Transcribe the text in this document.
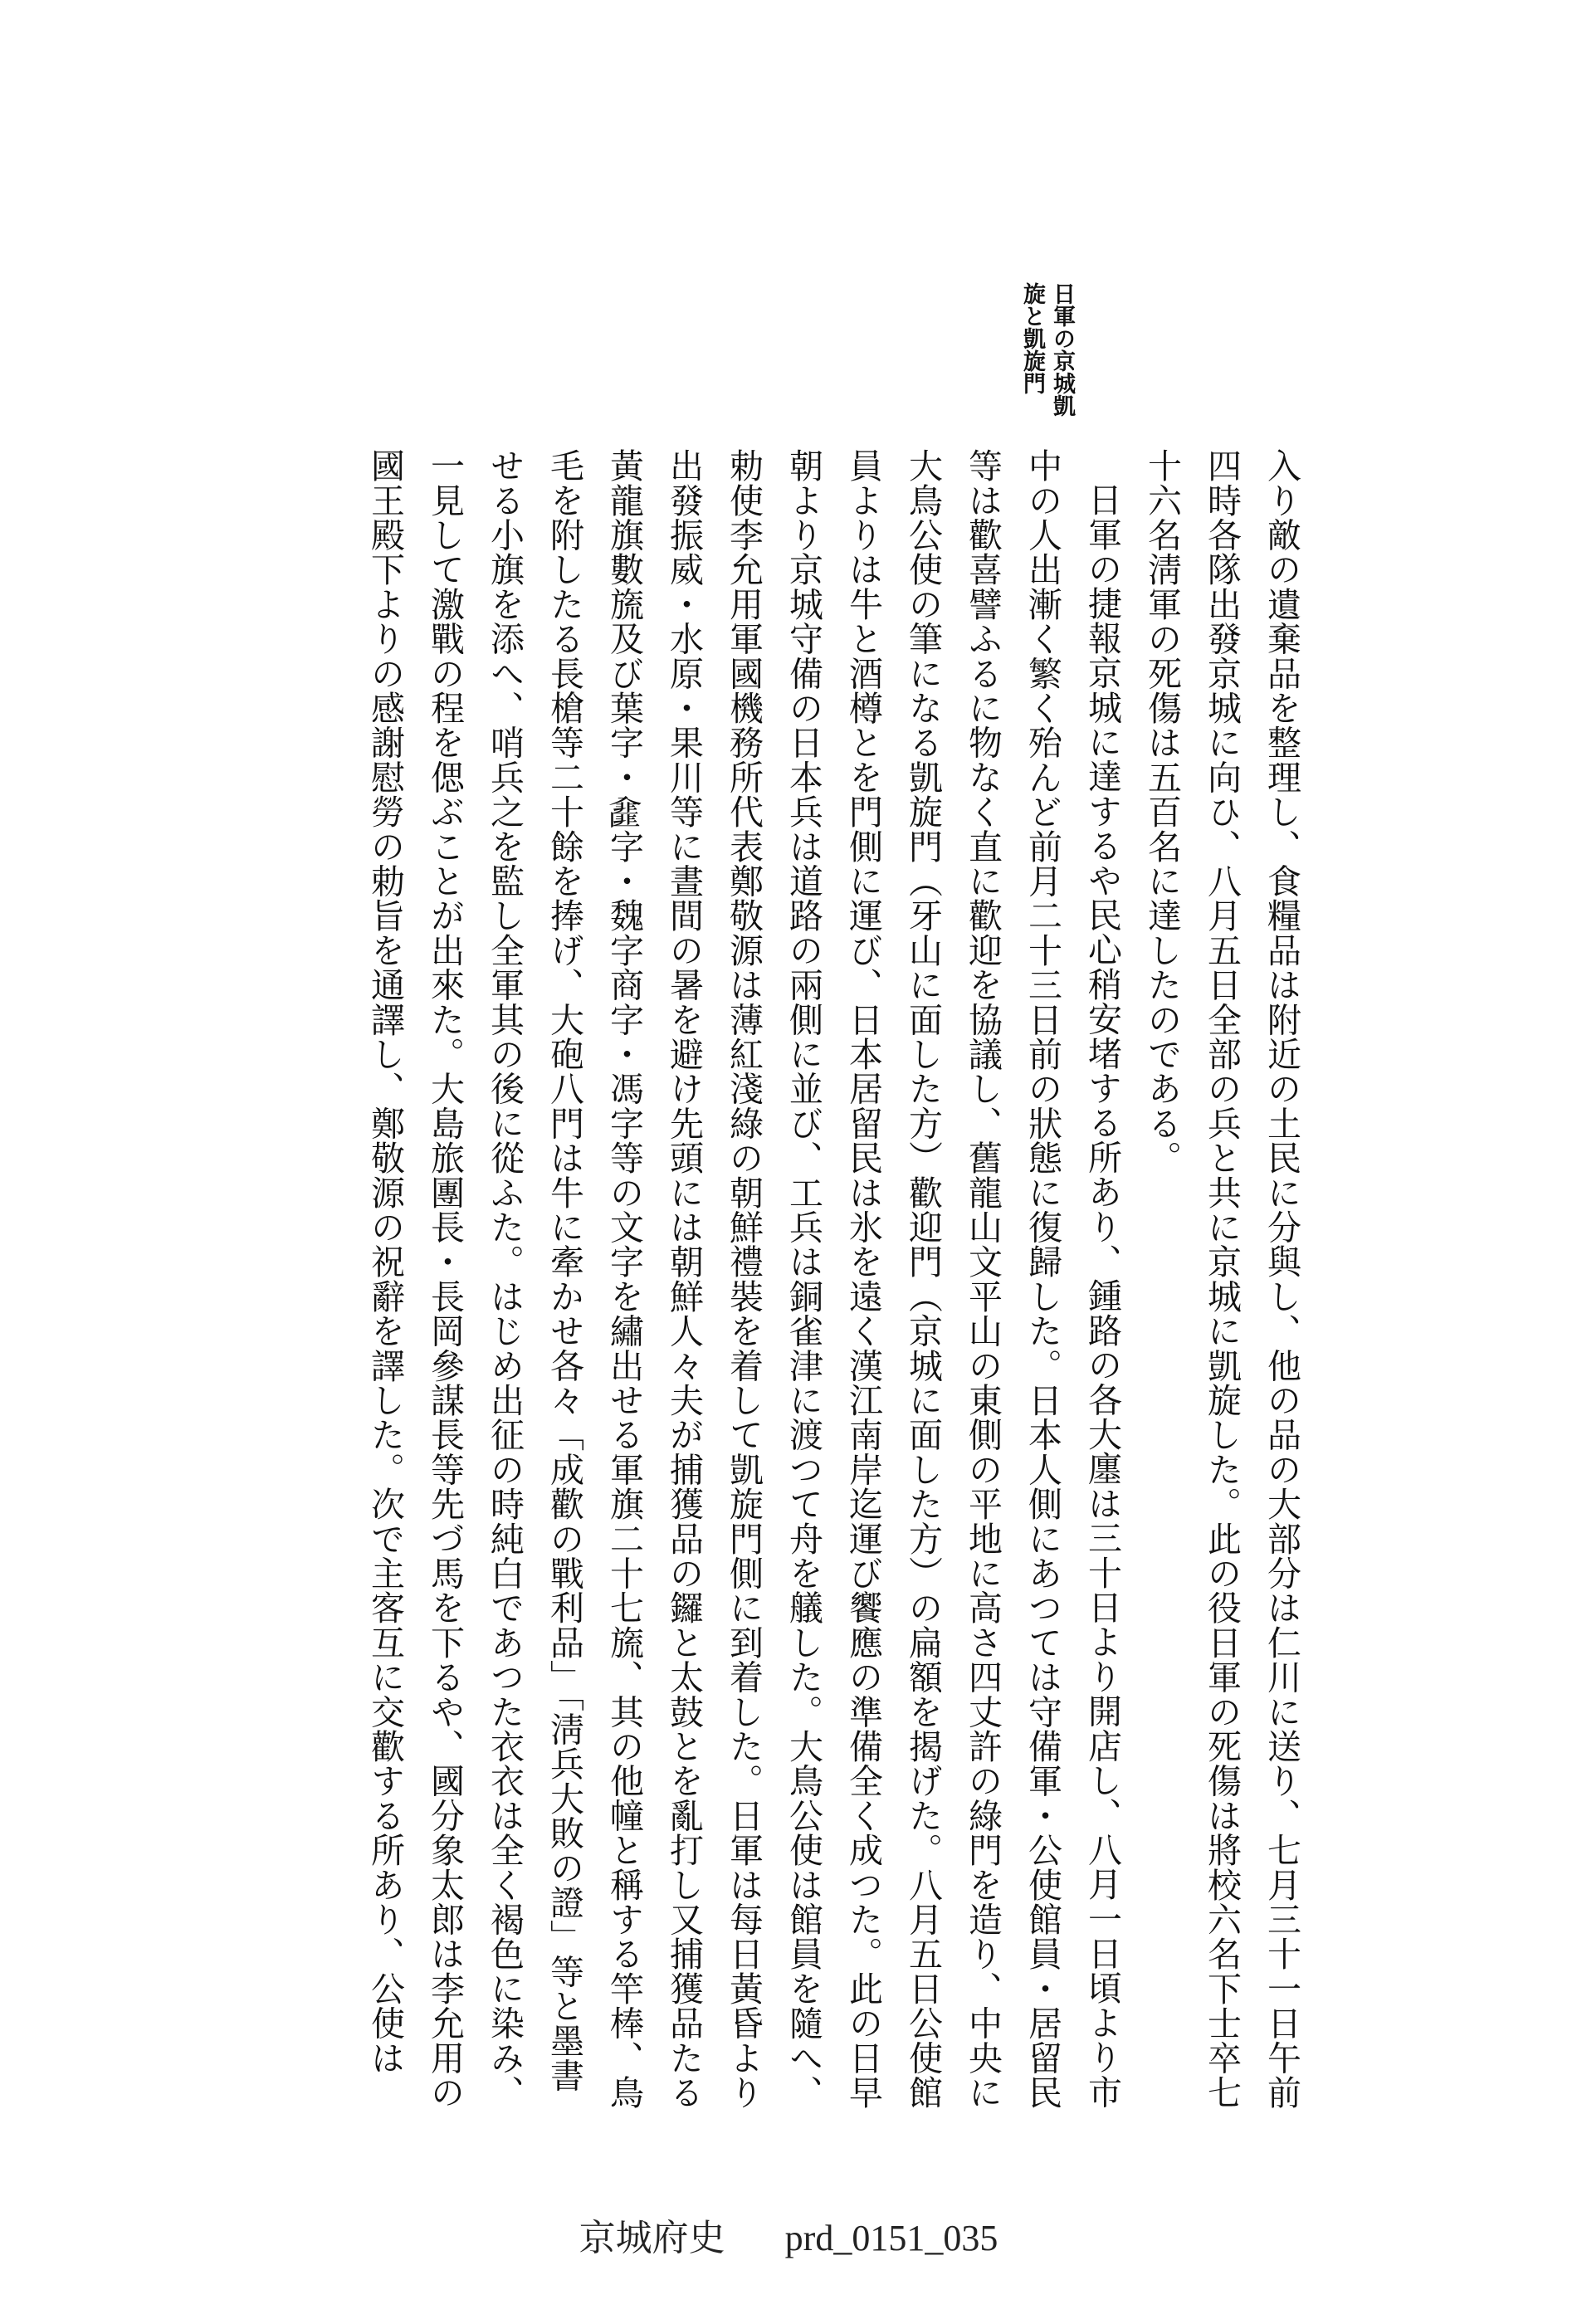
日軍の京城凱旋と凱旋門

入り敵の遺棄品を整理し、食糧品は附近の土民に分與し、他の品の大部分は仁川に送り、七月三十一日午前四時各隊出發京城に向ひ、八月五日全部の兵と共に京城に凱旋した。此の役日軍の死傷は將校六名下士卒七十六名淸軍の死傷は五百名に達したのである。

日軍の捷報京城に達するや民心稍安堵する所あり、鍾路の各大廛は三十日より開店し、八月一日頃より市中の人出漸く繁く殆んど前月二十三日前の狀態に復歸した。日本人側にあつては守備軍・公使館員・居留民等は歡喜譬ふるに物なく直に歡迎を協議し、舊龍山文平山の東側の平地に高さ四丈許の綠門を造り、中央に大鳥公使の筆になる凱旋門（牙山に面した方）歡迎門（京城に面した方）の扁額を揭げた。八月五日公使館員よりは牛と酒樽とを門側に運び、日本居留民は氷を遠く漢江南岸迄運び饗應の準備全く成つた。此の日早朝より京城守備の日本兵は道路の兩側に並び、工兵は銅雀津に渡つて舟を艤した。大鳥公使は館員を隨へ、勅使李允用軍國機務所代表鄭敬源は薄紅淺綠の朝鮮禮裝を着して凱旋門側に到着した。日軍は每日黃昏より出發振威・水原・果川等に晝間の暑を避け先頭には朝鮮人々夫が捕獲品の鑼と太鼓とを亂打し又捕獲品たる黃龍旗數旒及び葉字・𠓿字・魏字商字・馮字等の文字を繡出せる軍旗二十七旒、其の他幢と稱する竿棒、鳥毛を附したる長槍等二十餘を捧げ、大砲八門は牛に牽かせ各々「成歡の戰利品」「淸兵大敗の證」等と墨書せる小旗を添へ、哨兵之を監し全軍其の後に從ふた。はじめ出征の時純白であつた衣衣は全く褐色に染み、一見して激戰の程を偲ぶことが出來た。大島旅團長・長岡參謀長等先づ馬を下るや、國分象太郎は李允用の國王殿下よりの感謝慰勞の勅旨を通譯し、鄭敬源の祝辭を譯した。次で主客互に交歡する所あり、公使は

京城府史 prd_0151_035
